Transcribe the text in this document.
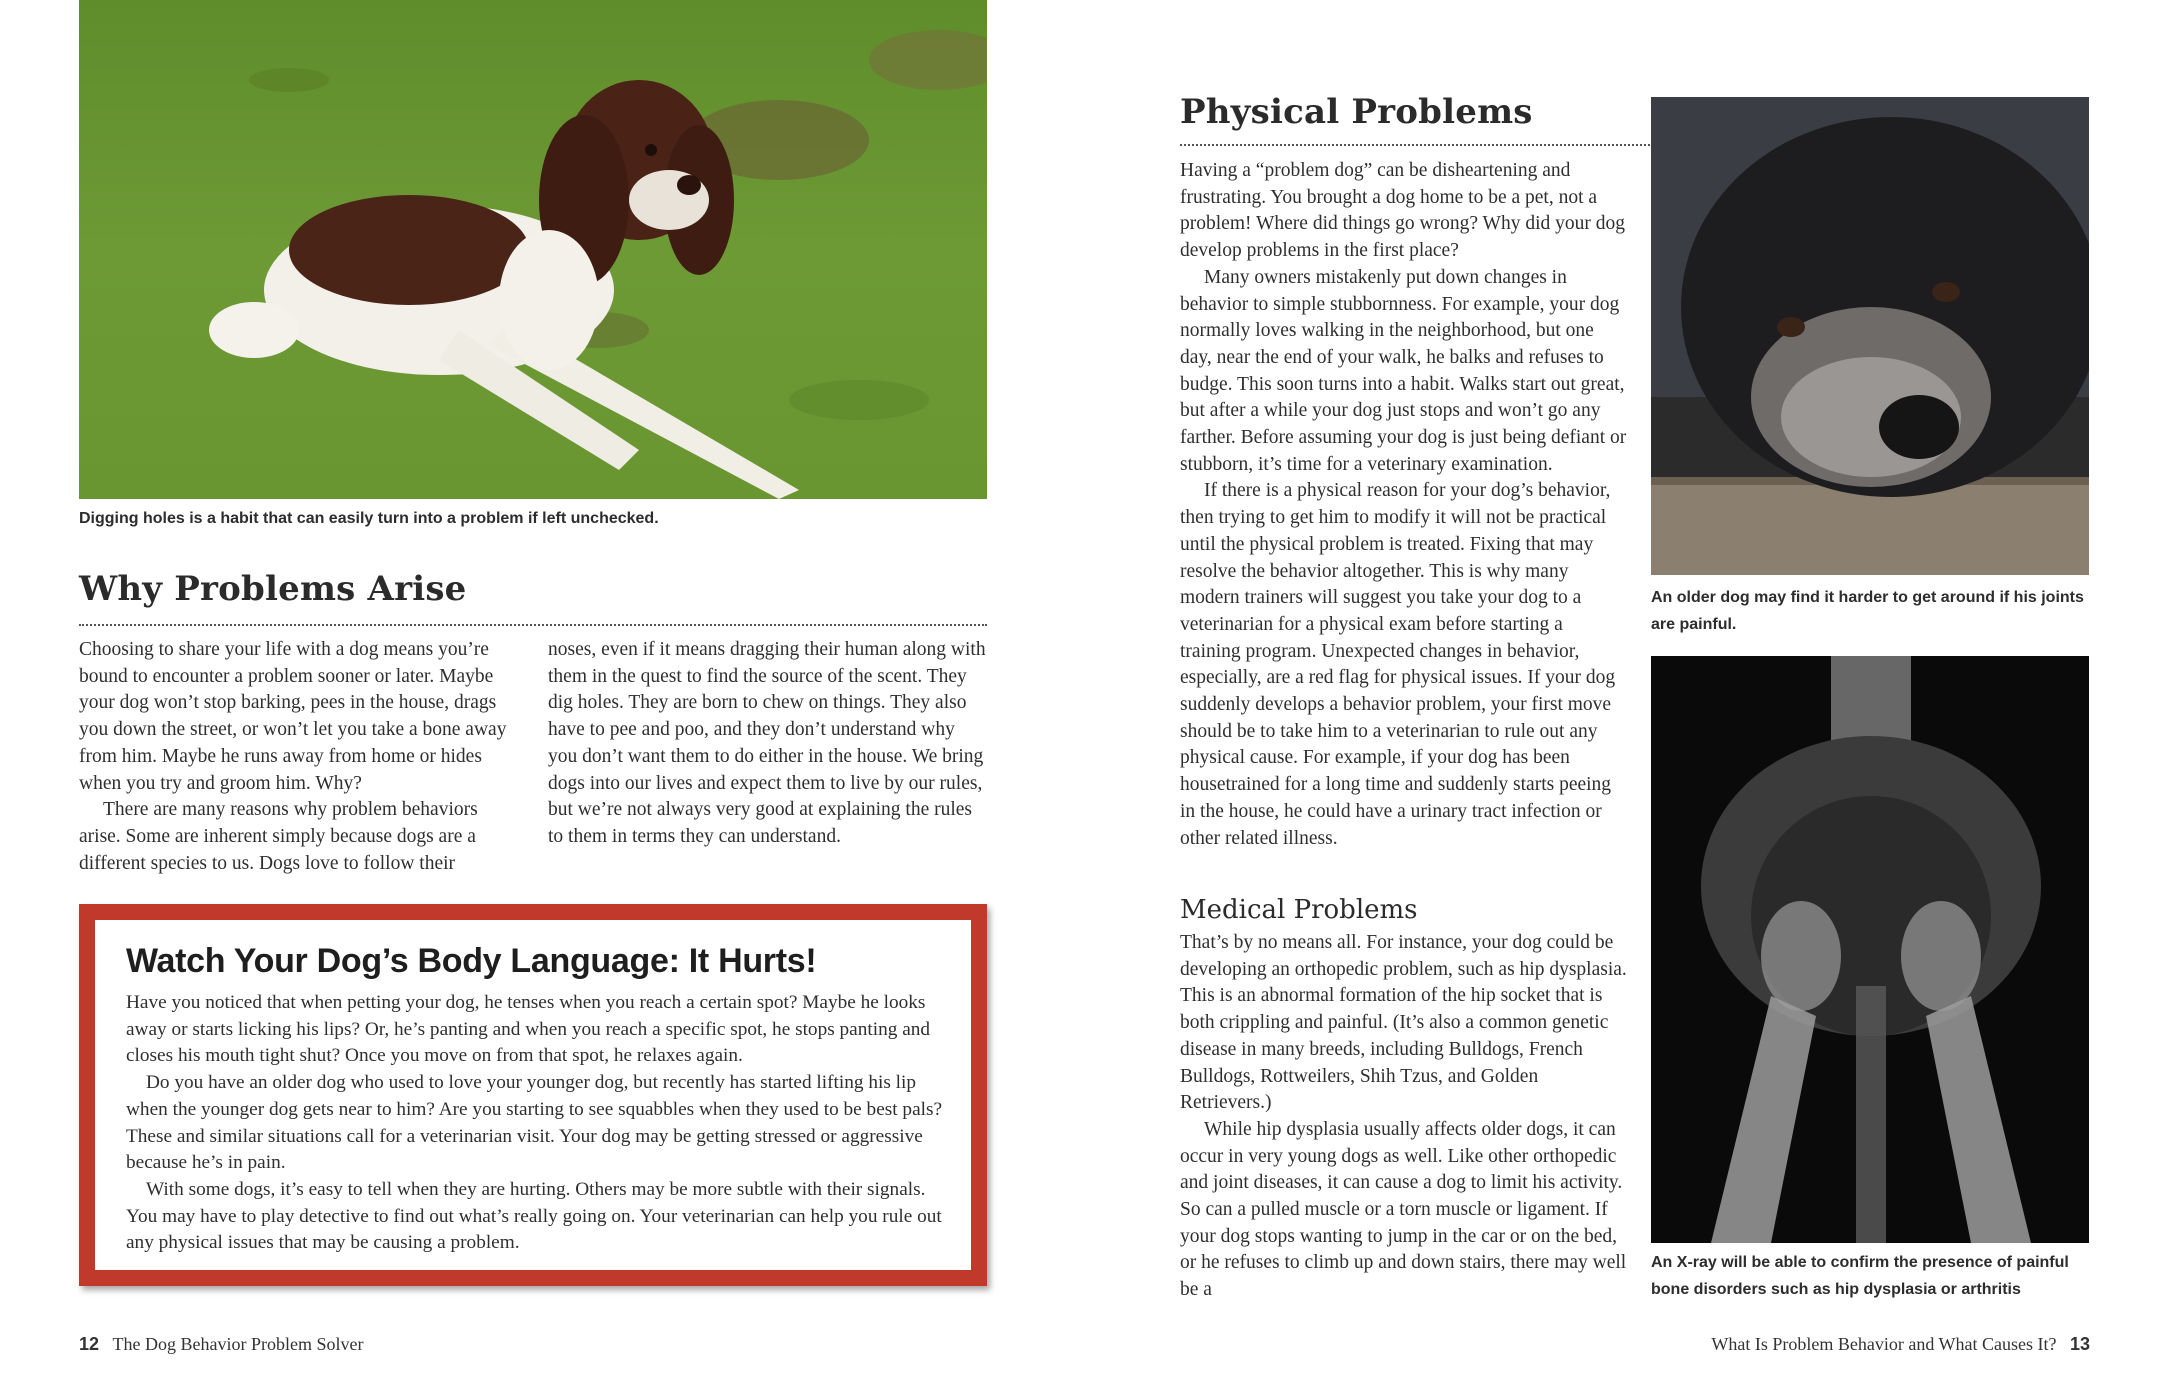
Digging holes is a habit that can easily turn into a problem if left unchecked.
Why Problems Arise

Choosing to share your life with a dog means you’re bound to encounter a problem sooner or later. Maybe your dog won’t stop barking, pees in the house, drags you down the street, or won’t let you take a bone away from him. Maybe he runs away from home or hides when you try and groom him. Why?

There are many reasons why problem behaviors arise. Some are inherent simply because dogs are a different species to us. Dogs love to follow their

noses, even if it means dragging their human along with them in the quest to find the source of the scent. They dig holes. They are born to chew on things. They also have to pee and poo, and they don’t understand why you don’t want them to do either in the house. We bring dogs into our lives and expect them to live by our rules, but we’re not always very good at explaining the rules to them in terms they can understand.

Watch Your Dog’s Body Language: It Hurts!

Have you noticed that when petting your dog, he tenses when you reach a certain spot? Maybe he looks away or starts licking his lips? Or, he’s panting and when you reach a specific spot, he stops panting and closes his mouth tight shut? Once you move on from that spot, he relaxes again.

Do you have an older dog who used to love your younger dog, but recently has started lifting his lip when the younger dog gets near to him? Are you starting to see squabbles when they used to be best pals? These and similar situations call for a veterinarian visit. Your dog may be getting stressed or aggressive because he’s in pain.

With some dogs, it’s easy to tell when they are hurting. Others may be more subtle with their signals. You may have to play detective to find out what’s really going on. Your veterinarian can help you rule out any physical issues that may be causing a problem.

12 The Dog Behavior Problem Solver
Physical Problems

Having a “problem dog” can be disheartening and frustrating. You brought a dog home to be a pet, not a problem! Where did things go wrong? Why did your dog develop problems in the first place?

Many owners mistakenly put down changes in behavior to simple stubbornness. For example, your dog normally loves walking in the neighborhood, but one day, near the end of your walk, he balks and refuses to budge. This soon turns into a habit. Walks start out great, but after a while your dog just stops and won’t go any farther. Before assuming your dog is just being defiant or stubborn, it’s time for a veterinary examination.

If there is a physical reason for your dog’s behavior, then trying to get him to modify it will not be practical until the physical problem is treated. Fixing that may resolve the behavior altogether. This is why many modern trainers will suggest you take your dog to a veterinarian for a physical exam before starting a training program. Unexpected changes in behavior, especially, are a red flag for physical issues. If your dog suddenly develops a behavior problem, your first move should be to take him to a veterinarian to rule out any physical cause. For example, if your dog has been housetrained for a long time and suddenly starts peeing in the house, he could have a urinary tract infection or other related illness.

Medical Problems

That’s by no means all. For instance, your dog could be developing an orthopedic problem, such as hip dysplasia. This is an abnormal formation of the hip socket that is both crippling and painful. (It’s also a common genetic disease in many breeds, including Bulldogs, French Bulldogs, Rottweilers, Shih Tzus, and Golden Retrievers.)

While hip dysplasia usually affects older dogs, it can occur in very young dogs as well. Like other orthopedic and joint diseases, it can cause a dog to limit his activity. So can a pulled muscle or a torn muscle or ligament. If your dog stops wanting to jump in the car or on the bed, or he refuses to climb up and down stairs, there may well be a

An older dog may find it harder to get around if his joints are painful.
An X-ray will be able to confirm the presence of painful bone disorders such as hip dysplasia or arthritis
What Is Problem Behavior and What Causes It? 13
